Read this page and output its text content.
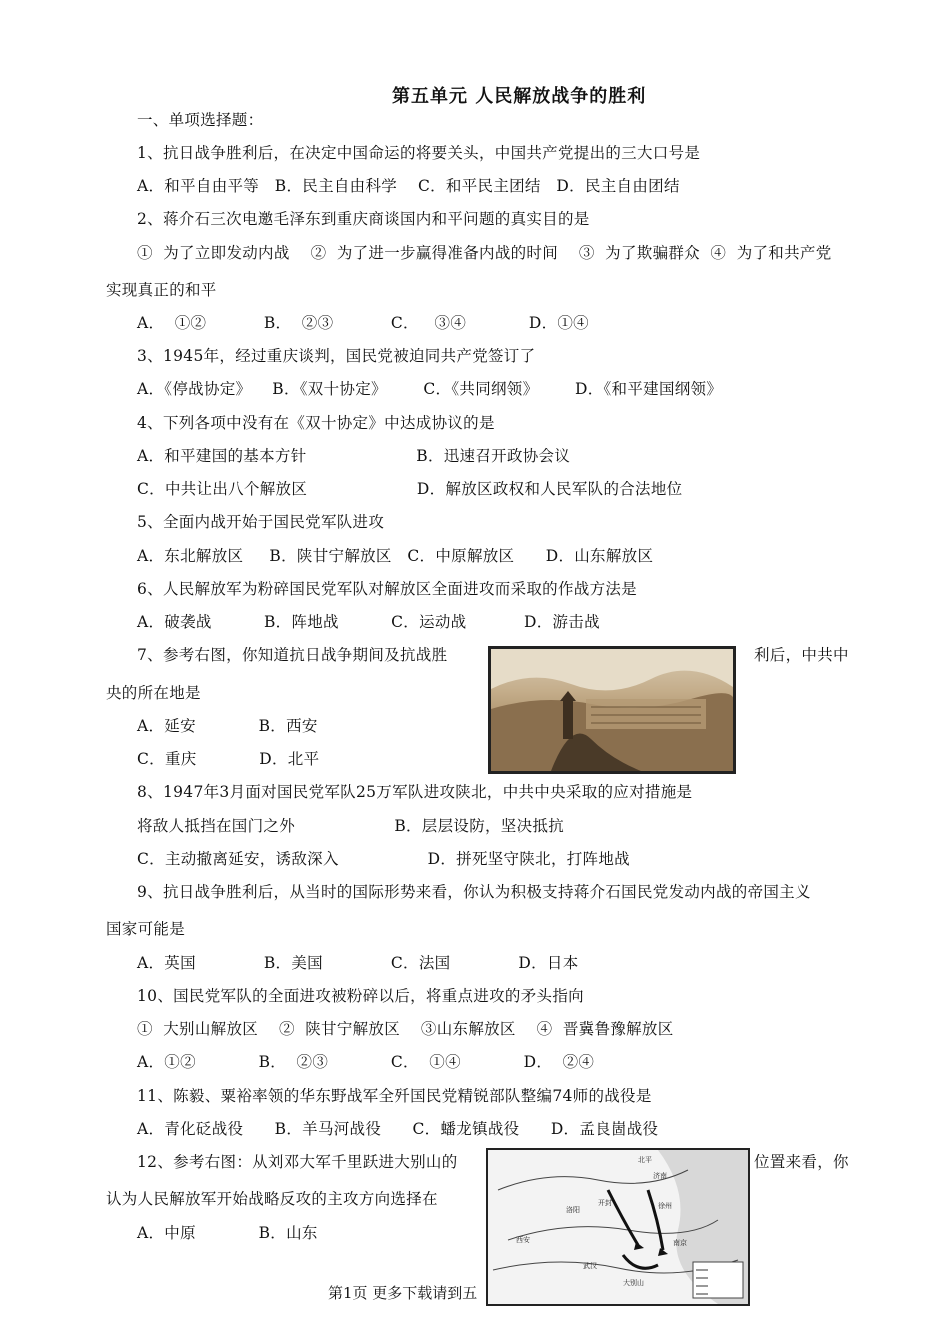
第五单元 人民解放战争的胜利
一、单项选择题：
1、抗日战争胜利后，在决定中国命运的将要关头，中国共产党提出的三大口号是
A．和平自由平等   B．民主自由科学    C．和平民主团结   D．民主自由团结
2、蒋介石三次电邀毛泽东到重庆商谈国内和平问题的真实目的是
①  为了立即发动内战    ②  为了进一步赢得准备内战的时间    ③  为了欺骗群众  ④  为了和共产党
实现真正的和平
A．  ①②           B．  ②③           C．   ③④            D．①④
3、1945年，经过重庆谈判，国民党被迫同共产党签订了
A．《停战协定》    B．《双十协定》       C．《共同纲领》       D．《和平建国纲领》
4、下列各项中没有在《双十协定》中达成协议的是
A．和平建国的基本方针                     B．迅速召开政协会议
C．中共让出八个解放区                     D．解放区政权和人民军队的合法地位
5、全面内战开始于国民党军队进攻
A．东北解放区     B．陕甘宁解放区   C．中原解放区      D．山东解放区
6、人民解放军为粉碎国民党军队对解放区全面进攻而采取的作战方法是
A．破袭战          B．阵地战          C．运动战           D．游击战
7、参考右图，你知道抗日战争期间及抗战胜	利后，中共中
央的所在地是
A．延安            B．西安
C．重庆            D．北平
8、1947年3月面对国民党军队25万军队进攻陕北，中共中央采取的应对措施是
将敌人抵挡在国门之外                   B．层层设防，坚决抵抗
C．主动撤离延安，诱敌深入                 D．拼死坚守陕北，打阵地战
9、抗日战争胜利后，从当时的国际形势来看，你认为积极支持蒋介石国民党发动内战的帝国主义
国家可能是
A．英国             B．美国             C．法国             D．日本
10、国民党军队的全面进攻被粉碎以后，将重点进攻的矛头指向
①  大别山解放区    ②  陕甘宁解放区    ③山东解放区    ④  晋冀鲁豫解放区
A．①②            B．  ②③            C．  ①④            D．  ②④
11、陈毅、粟裕率领的华东野战军全歼国民党精锐部队整编74师的战役是
A．青化砭战役      B．羊马河战役      C．蟠龙镇战役      D．孟良崮战役
12、参考右图：从刘邓大军千里跃进大别山的	位置来看，你
认为人民解放军开始战略反攻的主攻方向选择在
A．中原            B．山东
北平
西安
洛阳
开封	徐州
济南
南京
武汉
大别山
第1页 更多下载请到五
